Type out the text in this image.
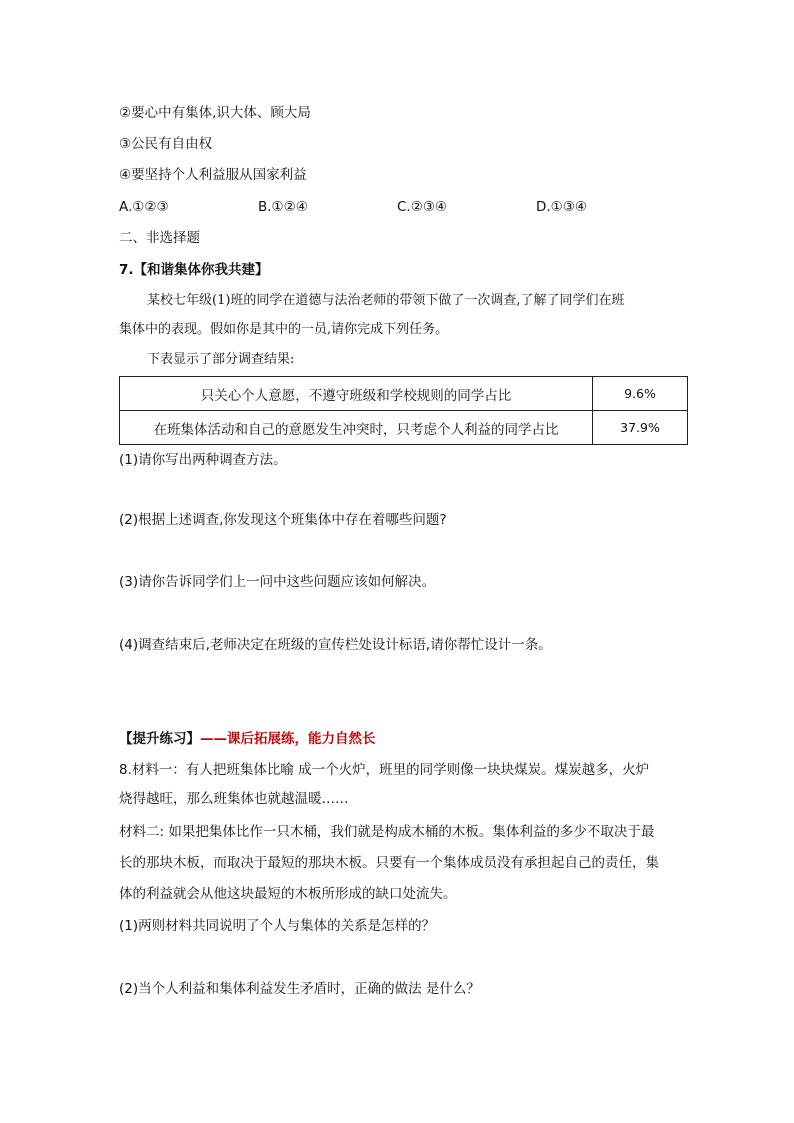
②要心中有集体,识大体、顾大局
③公民有自由权
④要坚持个人利益服从国家利益
A.①②③	B.①②④	C.②③④	D.①③④
二、非选择题
7.【和谐集体你我共建】
某校七年级(1)班的同学在道德与法治老师的带领下做了一次调查,了解了同学们在班
集体中的表现。假如你是其中的一员,请你完成下列任务。
下表显示了部分调查结果:
只关心个人意愿，不遵守班级和学校规则的同学占比	9.6%
在班集体活动和自己的意愿发生冲突时，只考虑个人利益的同学占比	37.9%
(1)请你写出两种调查方法。
(2)根据上述调查,你发现这个班集体中存在着哪些问题?
(3)请你告诉同学们上一问中这些问题应该如何解决。
(4)调查结束后,老师决定在班级的宣传栏处设计标语,请你帮忙设计一条。
【提升练习】——课后拓展练，能力自然长
8.材料一：有人把班集体比喻 成一个火炉，班里的同学则像一块块煤炭。煤炭越多，火炉
烧得越旺，那么班集体也就越温暖……
材料二: 如果把集体比作一只木桶，我们就是构成木桶的木板。集体利益的多少不取决于最
长的那块木板，而取决于最短的那块木板。只要有一个集体成员没有承担起自己的责任，集
体的利益就会从他这块最短的木板所形成的缺口处流失。
(1)两则材料共同说明了个人与集体的关系是怎样的？
(2)当个人利益和集体利益发生矛盾时，正确的做法 是什么？
